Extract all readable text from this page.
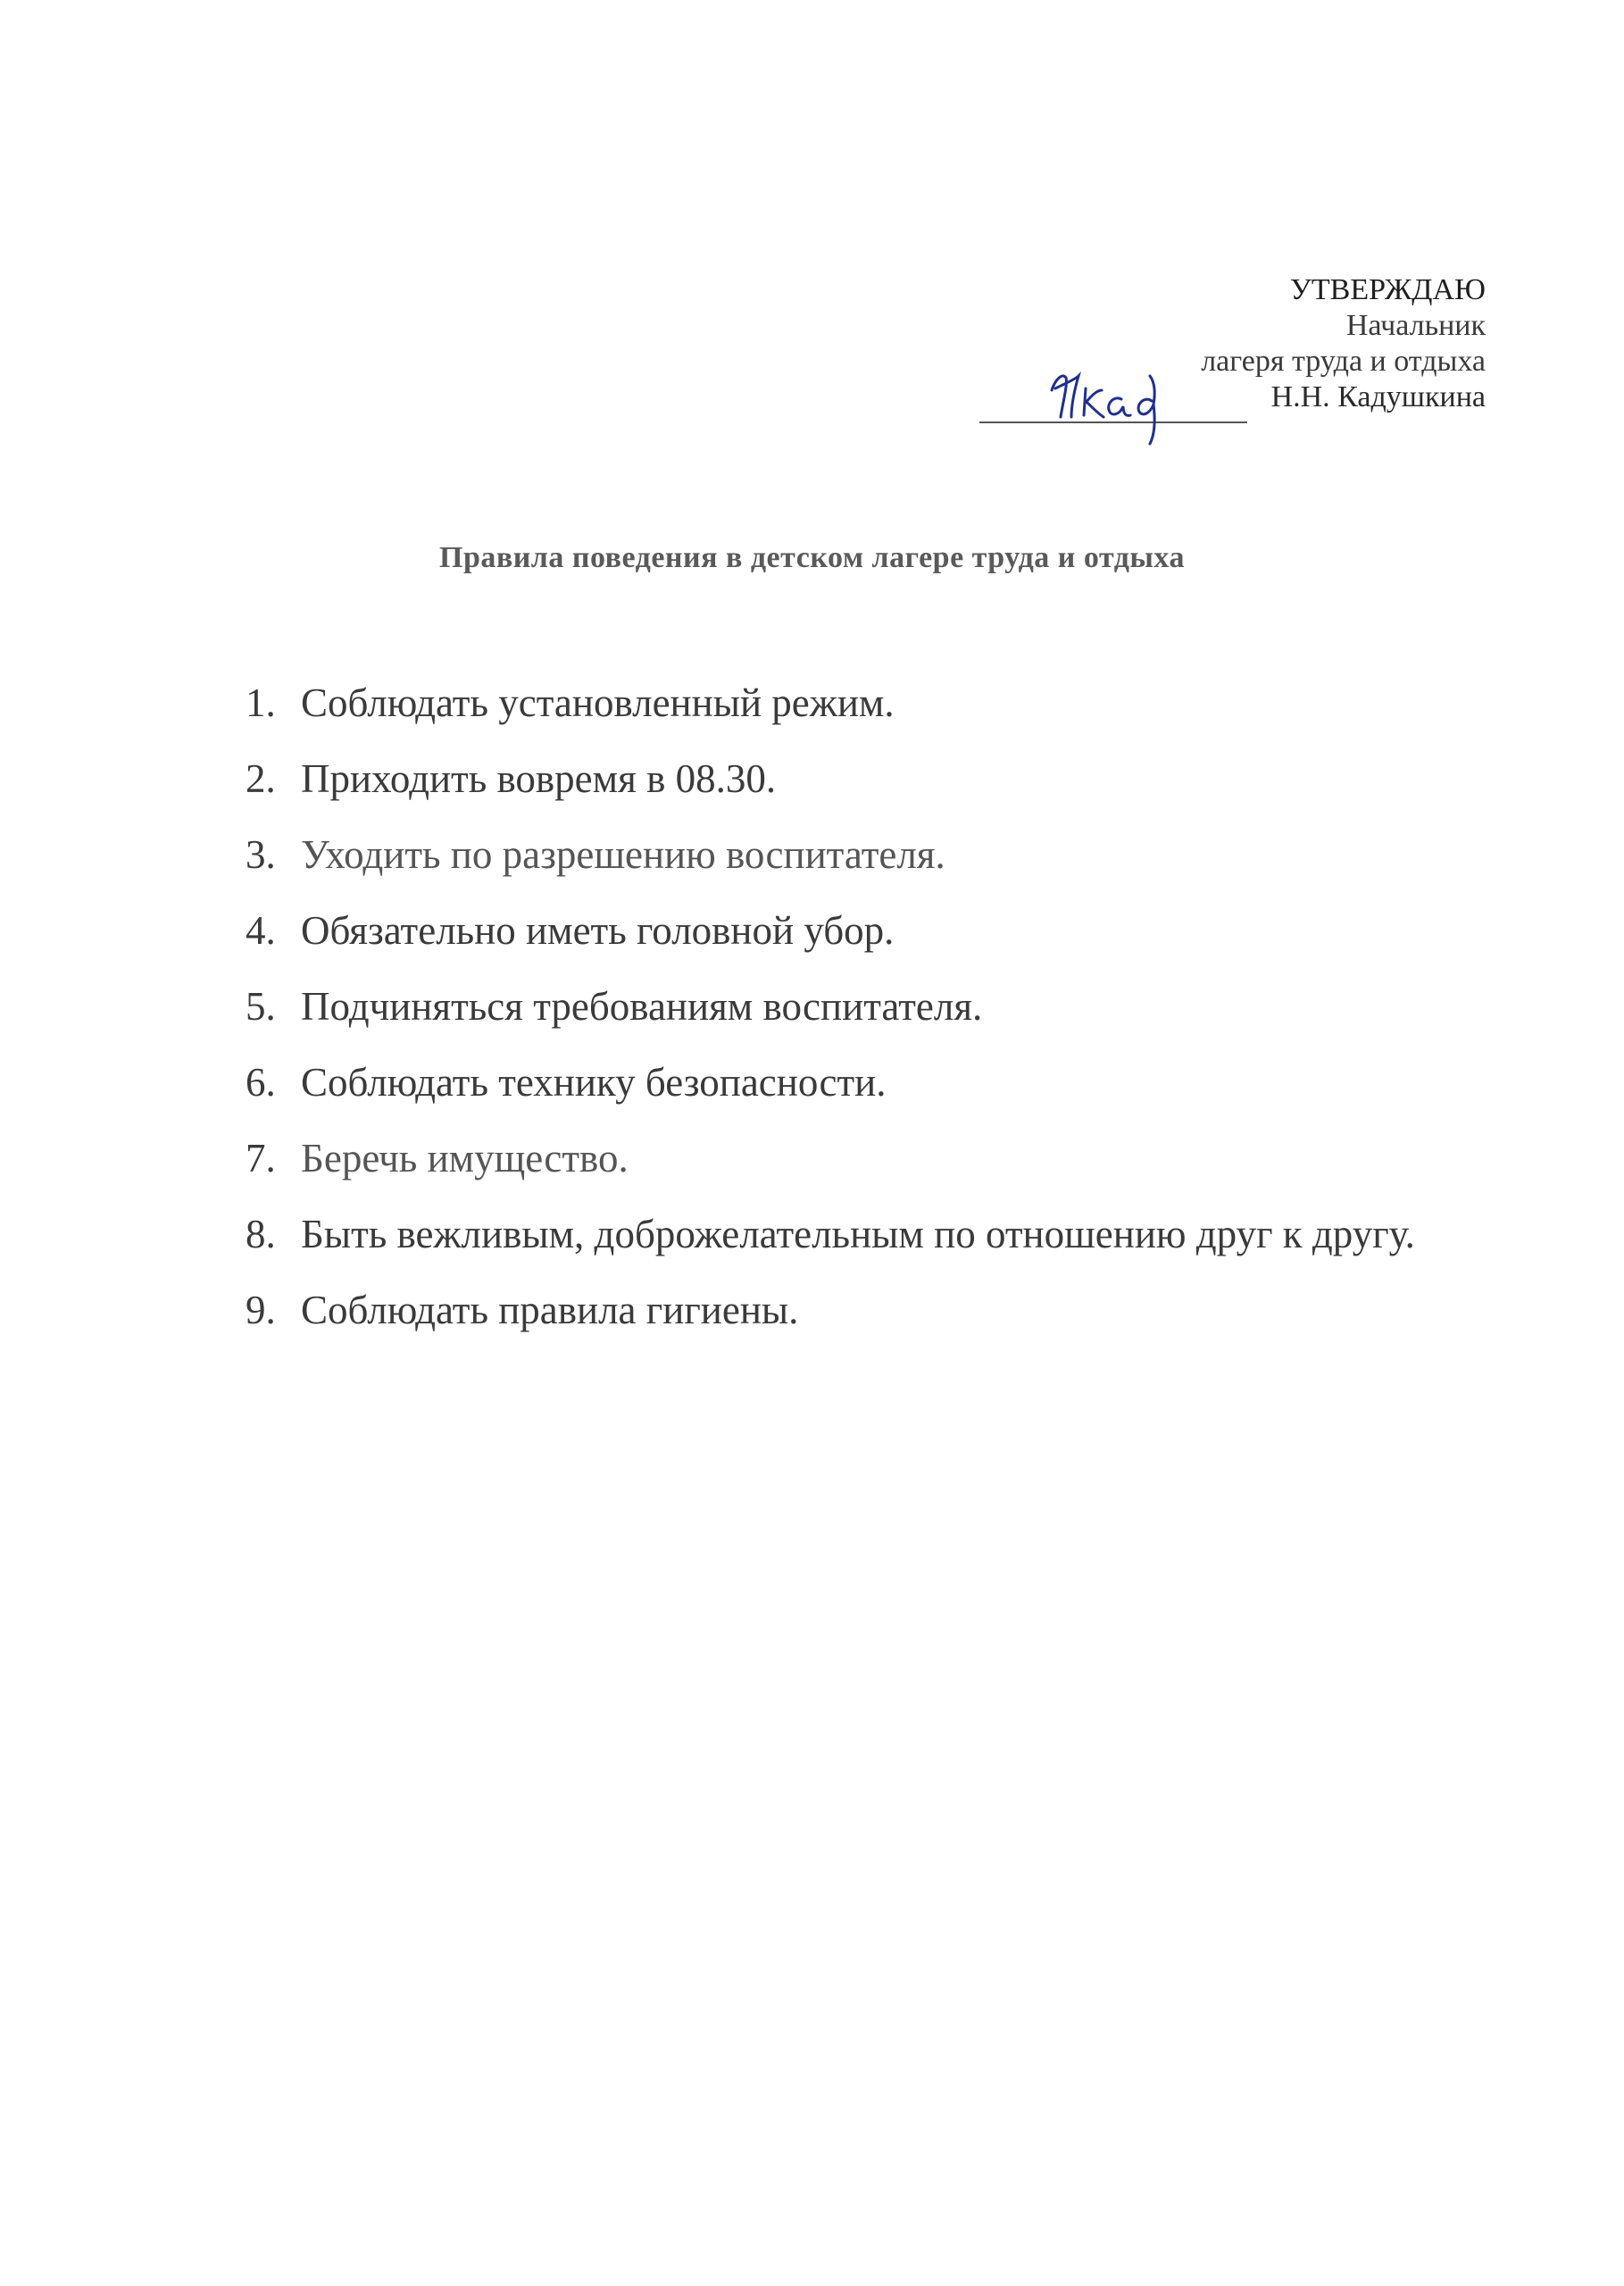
УТВЕРЖДАЮ
Начальник
лагеря труда и отдыха
Н.Н. Кадушкина
Правила поведения в детском лагере труда и отдыха
1. Соблюдать установленный режим.
2. Приходить вовремя в 08.30.
3. Уходить по разрешению воспитателя.
4. Обязательно иметь головной убор.
5. Подчиняться требованиям воспитателя.
6. Соблюдать технику безопасности.
7. Беречь имущество.
8. Быть вежливым, доброжелательным по отношению друг к другу.
9. Соблюдать правила гигиены.
